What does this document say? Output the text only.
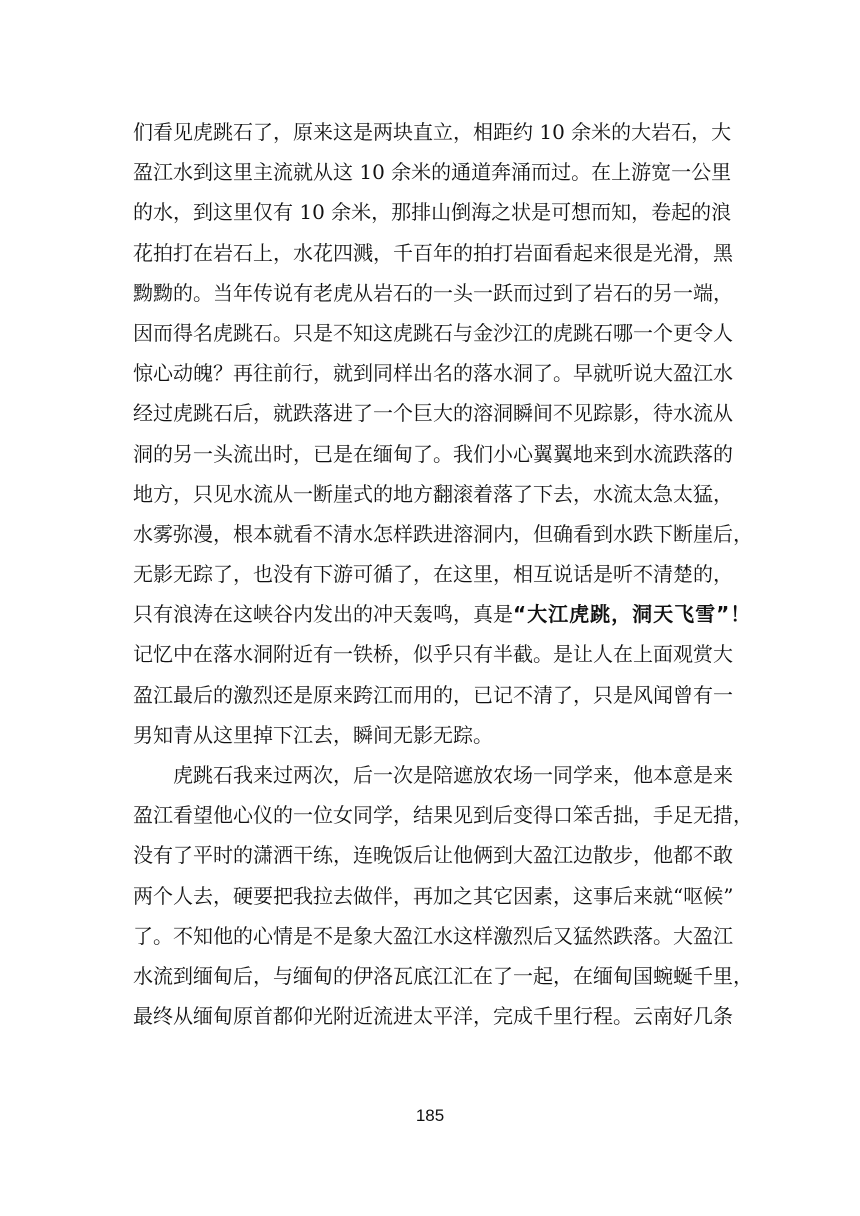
们看见虎跳石了，原来这是两块直立，相距约 10 余米的大岩石，大
盈江水到这里主流就从这 10 余米的通道奔涌而过。在上游宽一公里
的水，到这里仅有 10 余米，那排山倒海之状是可想而知，卷起的浪
花拍打在岩石上，水花四溅，千百年的拍打岩面看起来很是光滑，黑
黝黝的。当年传说有老虎从岩石的一头一跃而过到了岩石的另一端，
因而得名虎跳石。只是不知这虎跳石与金沙江的虎跳石哪一个更令人
惊心动魄？再往前行，就到同样出名的落水洞了。早就听说大盈江水
经过虎跳石后，就跌落进了一个巨大的溶洞瞬间不见踪影，待水流从
洞的另一头流出时，已是在缅甸了。我们小心翼翼地来到水流跌落的
地方，只见水流从一断崖式的地方翻滚着落了下去，水流太急太猛，
水雾弥漫，根本就看不清水怎样跌进溶洞内，但确看到水跌下断崖后，
无影无踪了，也没有下游可循了，在这里，相互说话是听不清楚的，
只有浪涛在这峡谷内发出的冲天轰鸣，真是“大江虎跳，洞天飞雪”！
记忆中在落水洞附近有一铁桥，似乎只有半截。是让人在上面观赏大
盈江最后的激烈还是原来跨江而用的，已记不清了，只是风闻曾有一
男知青从这里掉下江去，瞬间无影无踪。
　　虎跳石我来过两次，后一次是陪遮放农场一同学来，他本意是来
盈江看望他心仪的一位女同学，结果见到后变得口笨舌拙，手足无措，
没有了平时的潇洒干练，连晚饭后让他俩到大盈江边散步，他都不敢
两个人去，硬要把我拉去做伴，再加之其它因素，这事后来就“呕候”
了。不知他的心情是不是象大盈江水这样激烈后又猛然跌落。大盈江
水流到缅甸后，与缅甸的伊洛瓦底江汇在了一起，在缅甸国蜿蜒千里，
最终从缅甸原首都仰光附近流进太平洋，完成千里行程。云南好几条
185
